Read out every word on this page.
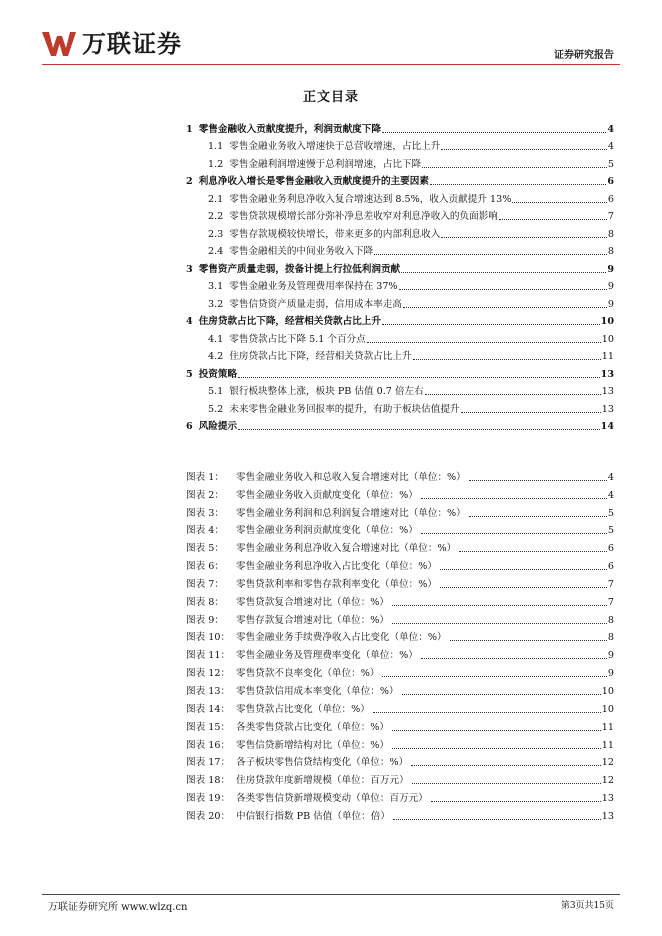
万联证券	证券研究报告
正文目录
1 零售金融收入贡献度提升，利润贡献度下降	4
1.1 零售金融业务收入增速快于总营收增速，占比上升	4
1.2 零售金融利润增速慢于总利润增速，占比下降	5
2 利息净收入增长是零售金融收入贡献度提升的主要因素	6
2.1 零售金融业务利息净收入复合增速达到 8.5%，收入贡献提升 13%	6
2.2 零售贷款规模增长部分弥补净息差收窄对利息净收入的负面影响	7
2.3 零售存款规模较快增长，带来更多的内部利息收入	8
2.4 零售金融相关的中间业务收入下降	8
3 零售资产质量走弱，拨备计提上行拉低利润贡献	9
3.1 零售金融业务及管理费用率保持在 37%	9
3.2 零售信贷资产质量走弱，信用成本率走高	9
4 住房贷款占比下降，经营相关贷款占比上升	10
4.1 零售贷款占比下降 5.1 个百分点	10
4.2 住房贷款占比下降，经营相关贷款占比上升	11
5 投资策略	13
5.1 银行板块整体上涨，板块 PB 估值 0.7 倍左右	13
5.2 未来零售金融业务回报率的提升，有助于板块估值提升	13
6 风险提示	14
图表 1：	零售金融业务收入和总收入复合增速对比（单位：%）	4
图表 2：	零售金融业务收入贡献度变化（单位：%）	4
图表 3：	零售金融业务利润和总利润复合增速对比（单位：%）	5
图表 4：	零售金融业务利润贡献度变化（单位：%）	5
图表 5：	零售金融业务利息净收入复合增速对比（单位：%）	6
图表 6：	零售金融业务利息净收入占比变化（单位：%）	6
图表 7：	零售贷款利率和零售存款利率变化（单位：%）	7
图表 8：	零售贷款复合增速对比（单位：%）	7
图表 9：	零售存款复合增速对比（单位：%）	8
图表 10： 零售金融业务手续费净收入占比变化（单位：%）	8
图表 11： 零售金融业务及管理费率变化（单位：%）	9
图表 12： 零售贷款不良率变化（单位：%）	9
图表 13： 零售贷款信用成本率变化（单位：%）	10
图表 14： 零售贷款占比变化（单位：%）	10
图表 15： 各类零售贷款占比变化（单位：%）	11
图表 16： 零售信贷新增结构对比（单位：%）	11
图表 17： 各子板块零售信贷结构变化（单位：%）	12
图表 18： 住房贷款年度新增规模（单位：百万元）	12
图表 19： 各类零售信贷新增规模变动（单位：百万元）	13
图表 20： 中信银行指数 PB 估值（单位：倍）	13
万联证券研究所 www.wlzq.cn	第3页共15页
